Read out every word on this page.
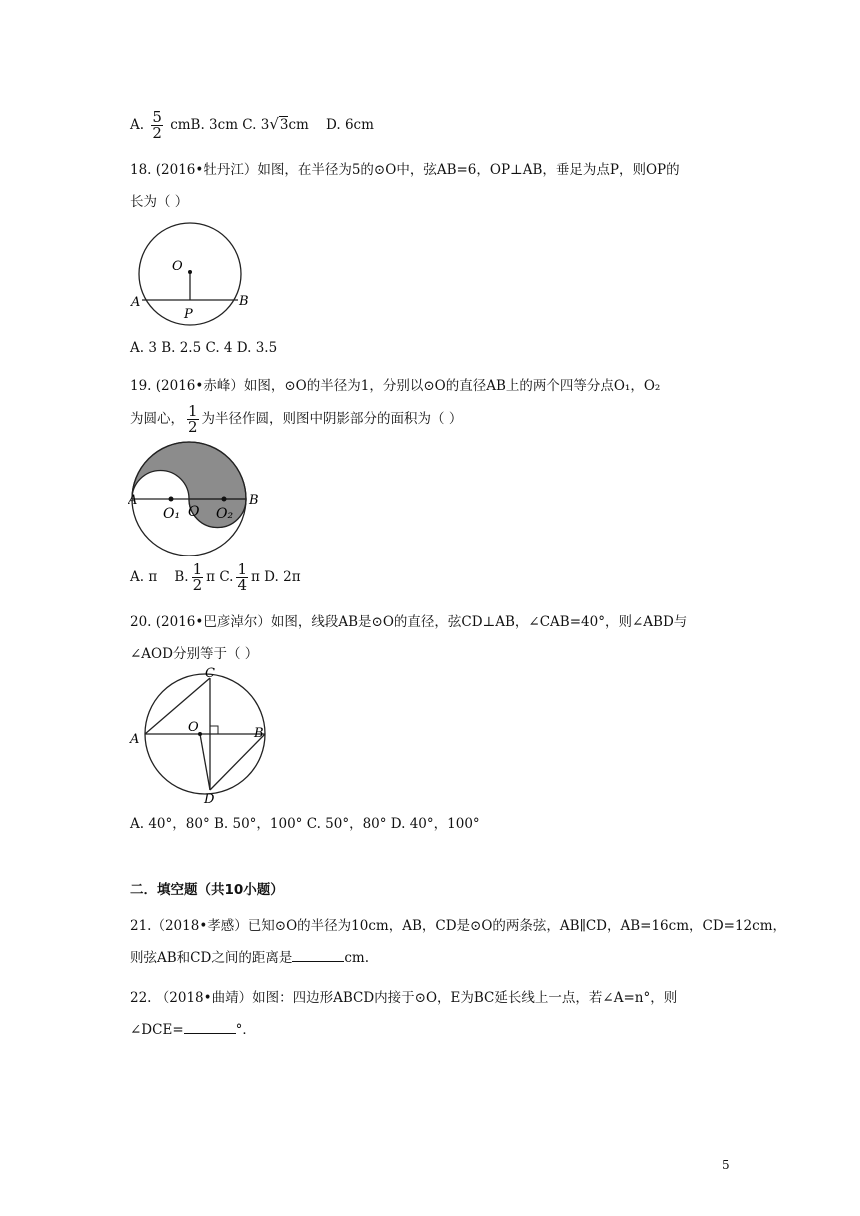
A. $\frac{5}{2}$ cmB. 3cm C. 3√3cm D. 6cm
18. (2016•牡丹江）如图，在半径为5的⊙O中，弦AB=6，OP⊥AB，垂足为点P，则OP的
长为（ ）
O
A	B
P
A. 3 B. 2.5 C. 4 D. 3.5
19. (2016•赤峰）如图，⊙O的半径为1，分别以⊙O的直径AB上的两个四等分点O₁，O₂
为圆心， $\frac{1}{2}$ 为半径作圆，则图中阴影部分的面积为（ ）
A	B
O₁ O O₂
A. π B. $\frac{1}{2}$ π C. $\frac{1}{4}$ π D. 2π
20. (2016•巴彦淖尔）如图，线段AB是⊙O的直径，弦CD⊥AB，∠CAB=40°，则∠ABD与
∠AOD分别等于（ ）
C
A	B
O
D
A. 40°，80° B. 50°，100° C. 50°，80° D. 40°，100°
二．填空题（共10小题）
21.（2018•孝感）已知⊙O的半径为10cm，AB，CD是⊙O的两条弦，AB∥CD，AB=16cm，CD=12cm，
则弦AB和CD之间的距离是	cm.
22. （2018•曲靖）如图：四边形ABCD内接于⊙O，E为BC延长线上一点，若∠A=n°，则
∠DCE=	°．
5
